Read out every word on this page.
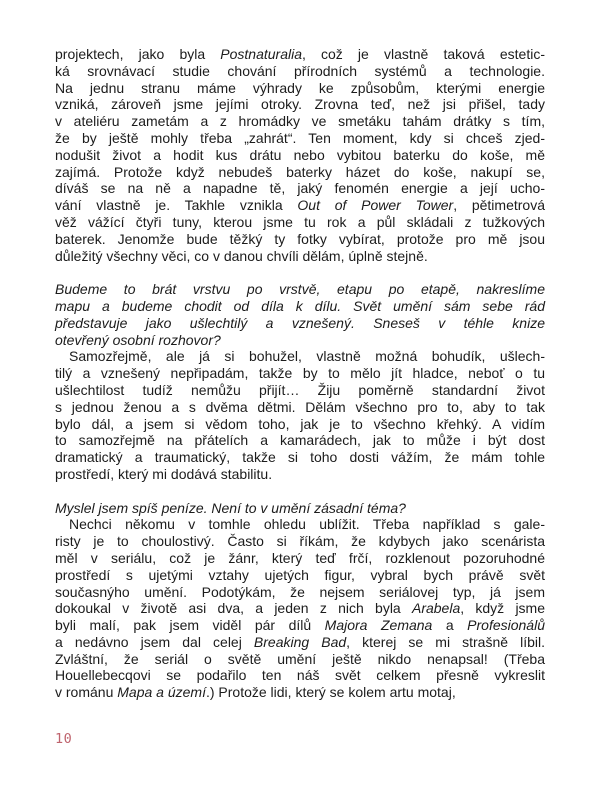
projektech, jako byla Postnaturalia, což je vlastně taková estetic-
ká srovnávací studie chování přírodních systémů a technologie.
Na jednu stranu máme výhrady ke způsobům, kterými energie
vzniká, zároveň jsme jejími otroky. Zrovna teď, než jsi přišel, tady
v ateliéru zametám a z hromádky ve smetáku tahám drátky s tím,
že by ještě mohly třeba „zahrát“. Ten moment, kdy si chceš zjed-
nodušit život a hodit kus drátu nebo vybitou baterku do koše, mě
zajímá. Protože když nebudeš baterky házet do koše, nakupí se,
díváš se na ně a napadne tě, jaký fenomén energie a její ucho-
vání vlastně je. Takhle vznikla Out of Power Tower, pětimetrová
věž vážící čtyři tuny, kterou jsme tu rok a půl skládali z tužkových
baterek. Jenomže bude těžký ty fotky vybírat, protože pro mě jsou
důležitý všechny věci, co v danou chvíli dělám, úplně stejně.
Budeme to brát vrstvu po vrstvě, etapu po etapě, nakreslíme
mapu a budeme chodit od díla k dílu. Svět umění sám sebe rád
představuje jako ušlechtilý a vznešený. Sneseš v téhle knize
otevřený osobní rozhovor?
Samozřejmě, ale já si bohužel, vlastně možná bohudík, ušlech-
tilý a vznešený nepřipadám, takže by to mělo jít hladce, neboť o tu
ušlechtilost tudíž nemůžu přijít… Žiju poměrně standardní život
s jednou ženou a s dvěma dětmi. Dělám všechno pro to, aby to tak
bylo dál, a jsem si vědom toho, jak je to všechno křehký. A vidím
to samozřejmě na přátelích a kamarádech, jak to může i být dost
dramatický a traumatický, takže si toho dosti vážím, že mám tohle
prostředí, který mi dodává stabilitu.
Myslel jsem spíš peníze. Není to v umění zásadní téma?
Nechci někomu v tomhle ohledu ublížit. Třeba například s gale-
risty je to choulostivý. Často si říkám, že kdybych jako scenárista
měl v seriálu, což je žánr, který teď frčí, rozklenout pozoruhodné
prostředí s ujetými vztahy ujetých figur, vybral bych právě svět
současnýho umění. Podotýkám, že nejsem seriálovej typ, já jsem
dokoukal v životě asi dva, a jeden z nich byla Arabela, když jsme
byli malí, pak jsem viděl pár dílů Majora Zemana a Profesionálů
a nedávno jsem dal celej Breaking Bad, kterej se mi strašně líbil.
Zvláštní, že seriál o světě umění ještě nikdo nenapsal! (Třeba
Houellebecqovi se podařilo ten náš svět celkem přesně vykreslit
v románu Mapa a území.) Protože lidi, který se kolem artu motaj,
10
